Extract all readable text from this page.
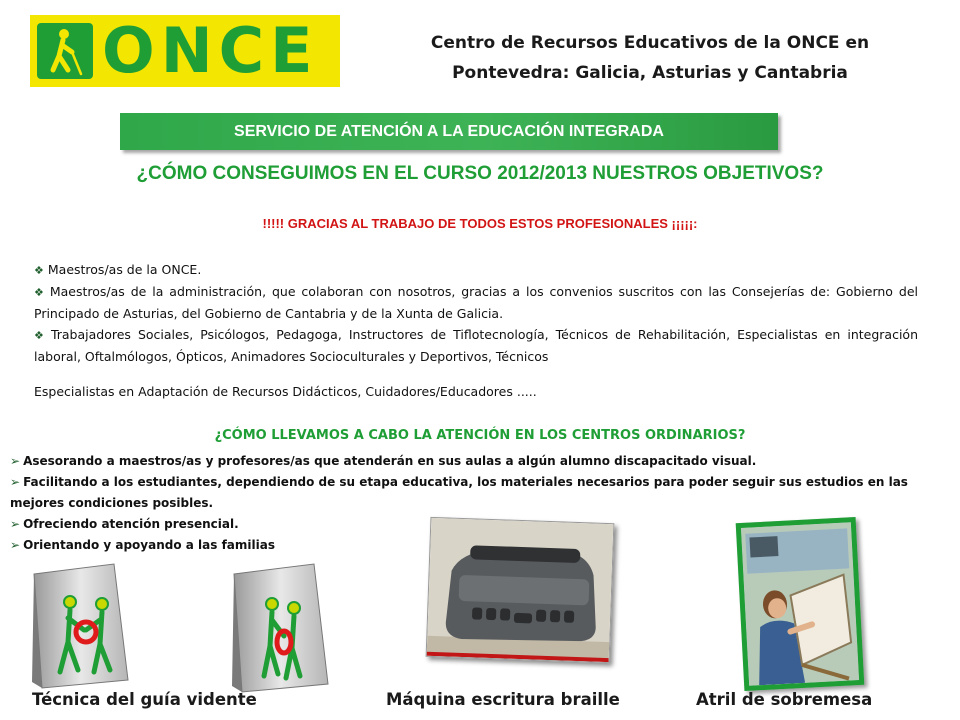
ONCE	Centro de Recursos Educativos de la ONCE en
Pontevedra: Galicia, Asturias y Cantabria
SERVICIO DE ATENCIÓN A LA EDUCACIÓN INTEGRADA
¿CÓMO CONSEGUIMOS EN EL CURSO 2012/2013 NUESTROS OBJETIVOS?
!!!!! GRACIAS AL TRABAJO DE TODOS ESTOS PROFESIONALES ¡¡¡¡¡:
❖ Maestros/as de la ONCE.
❖ Maestros/as de la administración, que colaboran con nosotros, gracias a los convenios suscritos con las Consejerías de: Gobierno del Principado de Asturias, del Gobierno de Cantabria y de la Xunta de Galicia.
❖ Trabajadores Sociales, Psicólogos, Pedagoga, Instructores de Tiflotecnología, Técnicos de Rehabilitación, Especialistas en integración laboral, Oftalmólogos, Ópticos, Animadores Socioculturales y Deportivos, Técnicos
Especialistas en Adaptación de Recursos Didácticos, Cuidadores/Educadores .....
¿CÓMO LLEVAMOS A CABO LA ATENCIÓN EN LOS CENTROS ORDINARIOS?
➢ Asesorando a maestros/as y profesores/as que atenderán en sus aulas a algún alumno discapacitado visual.
➢ Facilitando a los estudiantes, dependiendo de su etapa educativa, los materiales necesarios para poder seguir sus estudios en las mejores condiciones posibles.
➢ Ofreciendo atención presencial.
➢ Orientando y apoyando a las familias
Técnica del guía vidente	Máquina escritura braille	Atril de sobremesa
